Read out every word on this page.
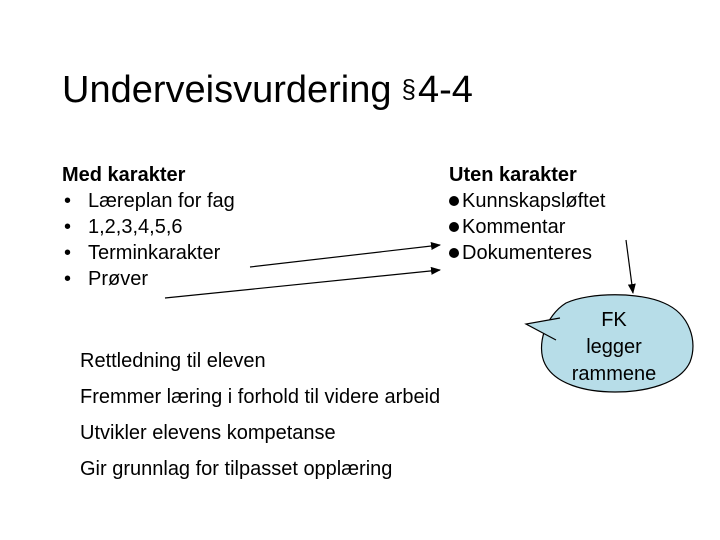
Underveisvurdering §4-4
Med karakter
• Læreplan for fag
• 1,2,3,4,5,6
• Terminkarakter
• Prøver
Uten karakter
Kunnskapsløftet
Kommentar
Dokumenteres
FK
legger
rammene
Rettledning til eleven
Fremmer læring i forhold til videre arbeid
Utvikler elevens kompetanse
Gir grunnlag for tilpasset opplæring
